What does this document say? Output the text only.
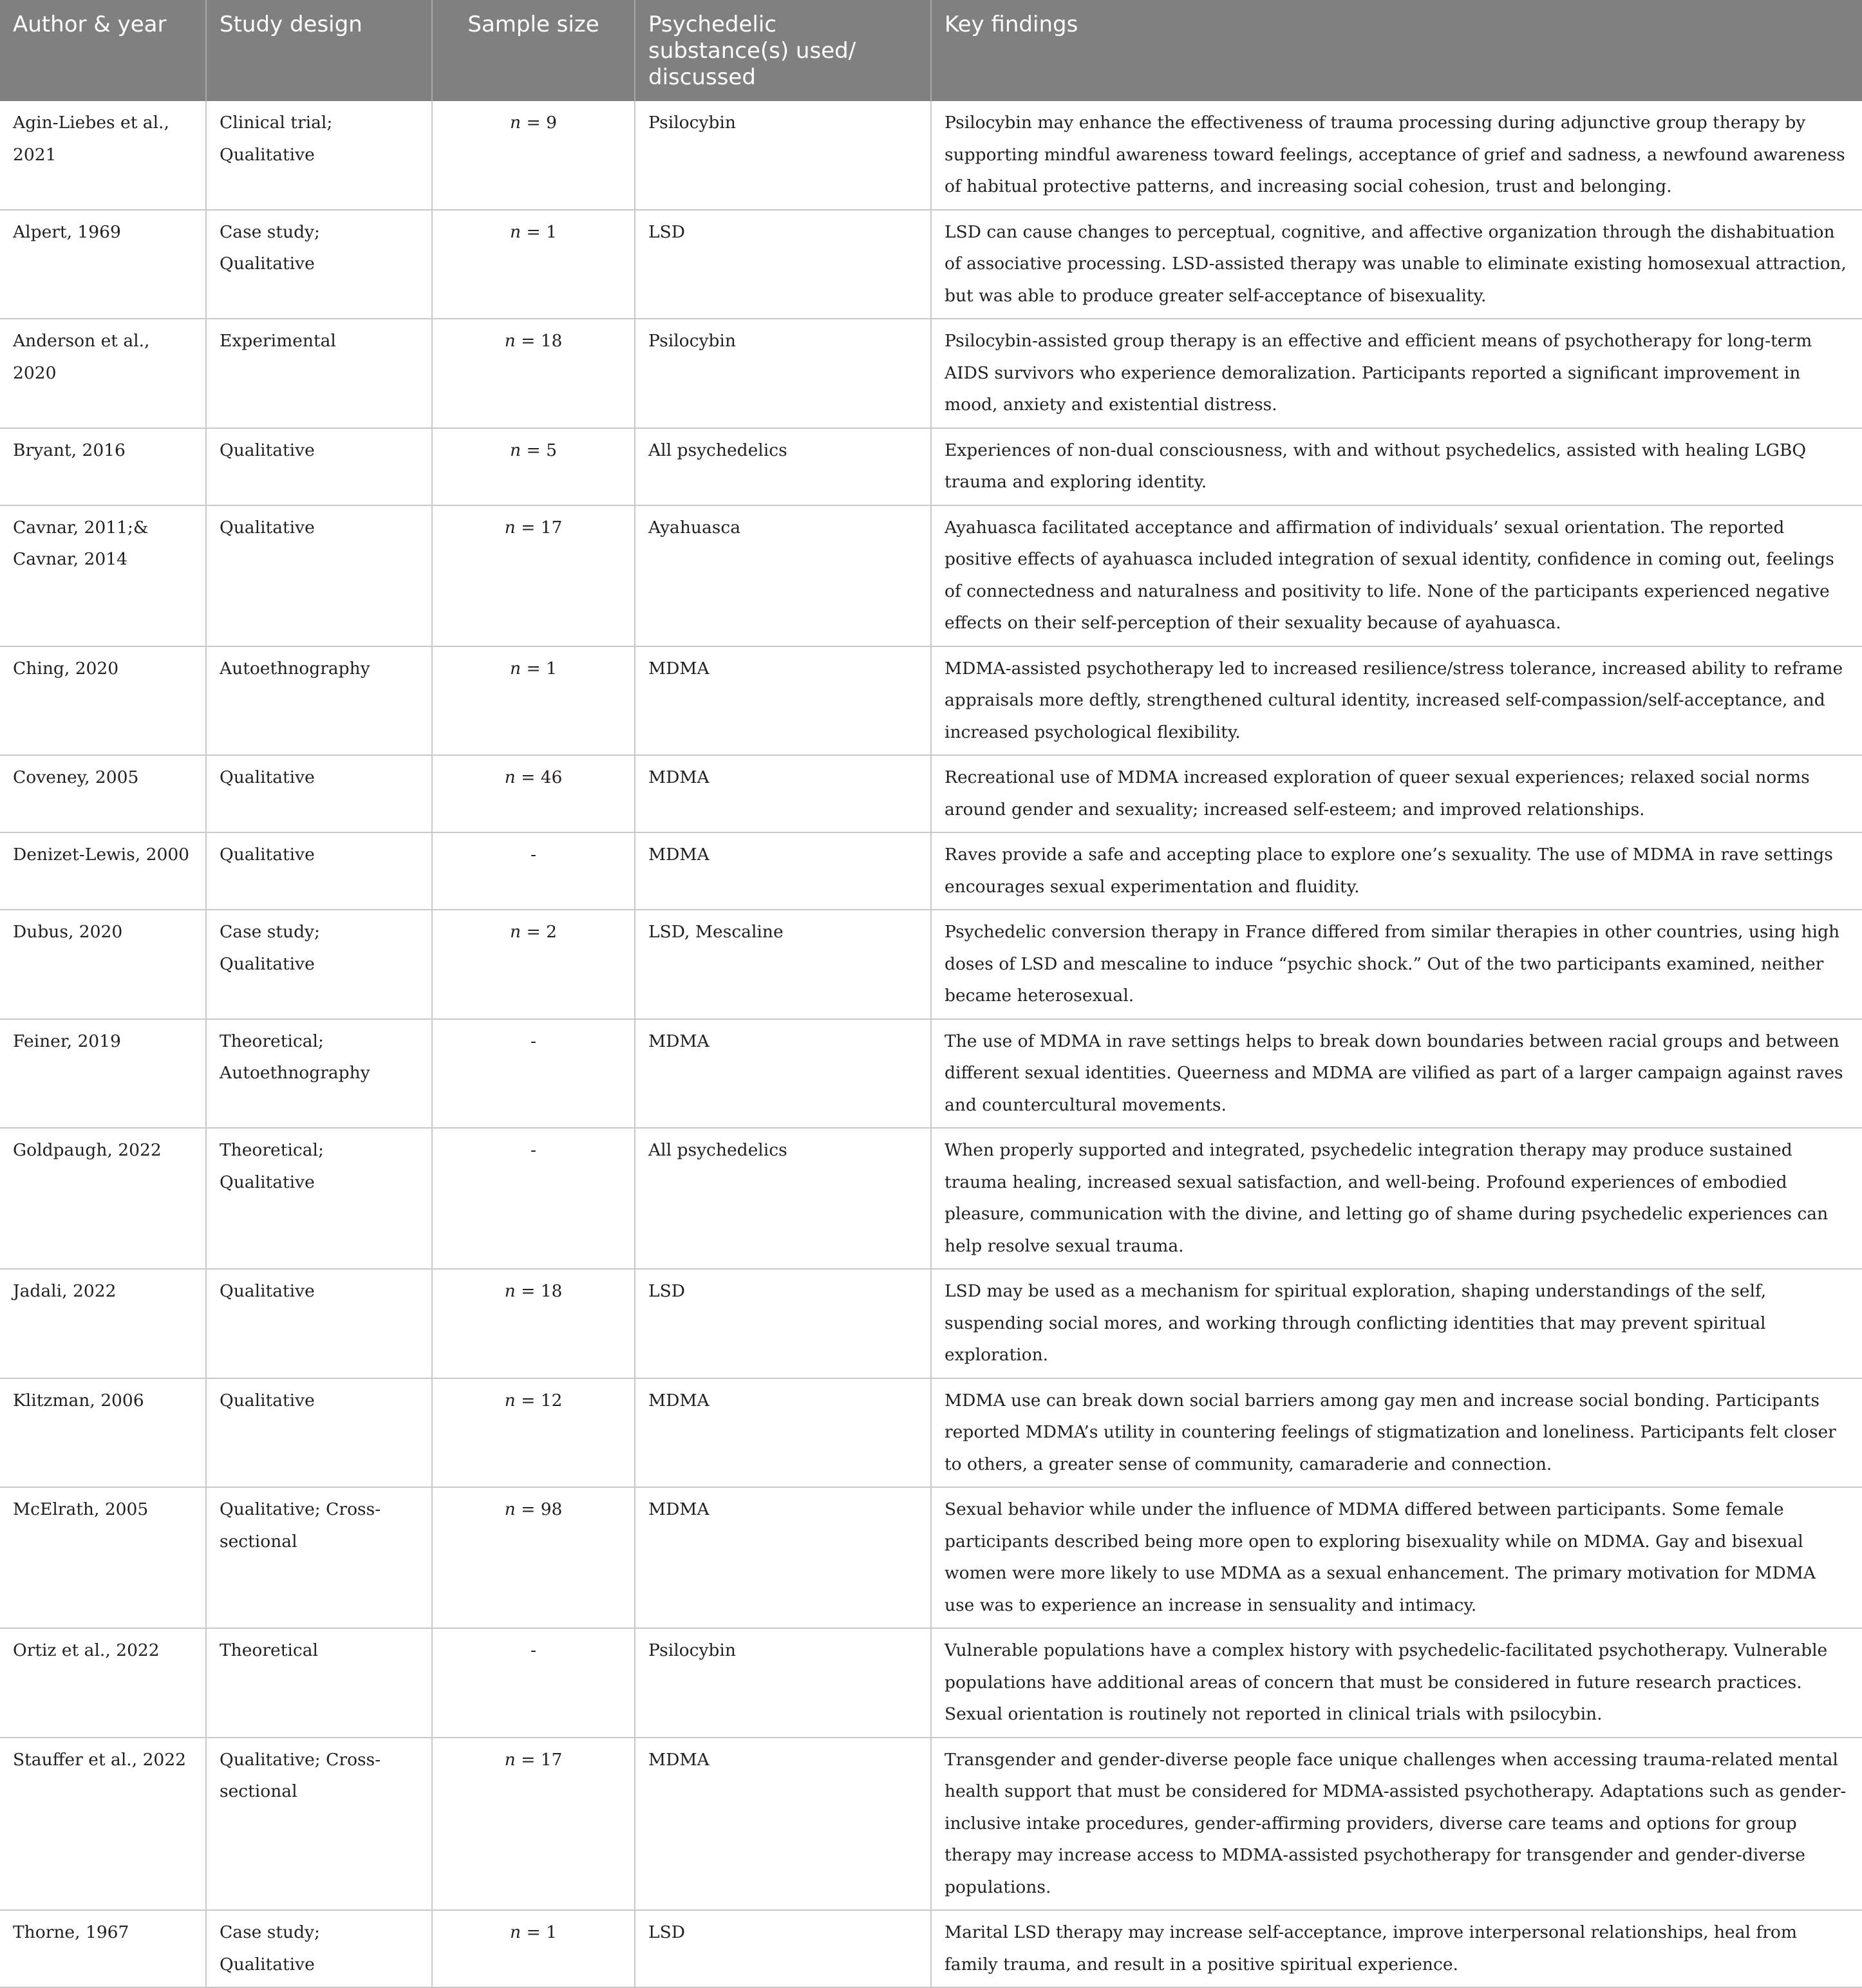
Author & year	Study design	Sample size	Psychedelic substance(s) used/ discussed	Key findings
Agin-Liebes et al., 2021	Clinical trial; Qualitative	n = 9	Psilocybin	Psilocybin may enhance the effectiveness of trauma processing during adjunctive group therapy by supporting mindful awareness toward feelings, acceptance of grief and sadness, a newfound awareness of habitual protective patterns, and increasing social cohesion, trust and belonging.
Alpert, 1969	Case study; Qualitative	n = 1	LSD	LSD can cause changes to perceptual, cognitive, and affective organization through the dishabituation of associative processing. LSD-assisted therapy was unable to eliminate existing homosexual attraction, but was able to produce greater self-acceptance of bisexuality.
Anderson et al., 2020	Experimental	n = 18	Psilocybin	Psilocybin-assisted group therapy is an effective and efficient means of psychotherapy for long-term AIDS survivors who experience demoralization. Participants reported a significant improvement in mood, anxiety and existential distress.
Bryant, 2016	Qualitative	n = 5	All psychedelics	Experiences of non-dual consciousness, with and without psychedelics, assisted with healing LGBQ trauma and exploring identity.
Cavnar, 2011;& Cavnar, 2014	Qualitative	n = 17	Ayahuasca	Ayahuasca facilitated acceptance and affirmation of individuals’ sexual orientation. The reported positive effects of ayahuasca included integration of sexual identity, confidence in coming out, feelings of connectedness and naturalness and positivity to life. None of the participants experienced negative effects on their self-perception of their sexuality because of ayahuasca.
Ching, 2020	Autoethnography	n = 1	MDMA	MDMA-assisted psychotherapy led to increased resilience/stress tolerance, increased ability to reframe appraisals more deftly, strengthened cultural identity, increased self-compassion/self-acceptance, and increased psychological flexibility.
Coveney, 2005	Qualitative	n = 46	MDMA	Recreational use of MDMA increased exploration of queer sexual experiences; relaxed social norms around gender and sexuality; increased self-esteem; and improved relationships.
Denizet-Lewis, 2000	Qualitative	-	MDMA	Raves provide a safe and accepting place to explore one’s sexuality. The use of MDMA in rave settings encourages sexual experimentation and fluidity.
Dubus, 2020	Case study; Qualitative	n = 2	LSD, Mescaline	Psychedelic conversion therapy in France differed from similar therapies in other countries, using high doses of LSD and mescaline to induce “psychic shock.” Out of the two participants examined, neither became heterosexual.
Feiner, 2019	Theoretical; Autoethnography	-	MDMA	The use of MDMA in rave settings helps to break down boundaries between racial groups and between different sexual identities. Queerness and MDMA are vilified as part of a larger campaign against raves and countercultural movements.
Goldpaugh, 2022	Theoretical; Qualitative	-	All psychedelics	When properly supported and integrated, psychedelic integration therapy may produce sustained trauma healing, increased sexual satisfaction, and well-being. Profound experiences of embodied pleasure, communication with the divine, and letting go of shame during psychedelic experiences can help resolve sexual trauma.
Jadali, 2022	Qualitative	n = 18	LSD	LSD may be used as a mechanism for spiritual exploration, shaping understandings of the self, suspending social mores, and working through conflicting identities that may prevent spiritual exploration.
Klitzman, 2006	Qualitative	n = 12	MDMA	MDMA use can break down social barriers among gay men and increase social bonding. Participants reported MDMA’s utility in countering feelings of stigmatization and loneliness. Participants felt closer to others, a greater sense of community, camaraderie and connection.
McElrath, 2005	Qualitative; Cross-sectional	n = 98	MDMA	Sexual behavior while under the influence of MDMA differed between participants. Some female participants described being more open to exploring bisexuality while on MDMA. Gay and bisexual women were more likely to use MDMA as a sexual enhancement. The primary motivation for MDMA use was to experience an increase in sensuality and intimacy.
Ortiz et al., 2022	Theoretical	-	Psilocybin	Vulnerable populations have a complex history with psychedelic-facilitated psychotherapy. Vulnerable populations have additional areas of concern that must be considered in future research practices. Sexual orientation is routinely not reported in clinical trials with psilocybin.
Stauffer et al., 2022	Qualitative; Cross-sectional	n = 17	MDMA	Transgender and gender-diverse people face unique challenges when accessing trauma-related mental health support that must be considered for MDMA-assisted psychotherapy. Adaptations such as gender-inclusive intake procedures, gender-affirming providers, diverse care teams and options for group therapy may increase access to MDMA-assisted psychotherapy for transgender and gender-diverse populations.
Thorne, 1967	Case study; Qualitative	n = 1	LSD	Marital LSD therapy may increase self-acceptance, improve interpersonal relationships, heal from family trauma, and result in a positive spiritual experience.
